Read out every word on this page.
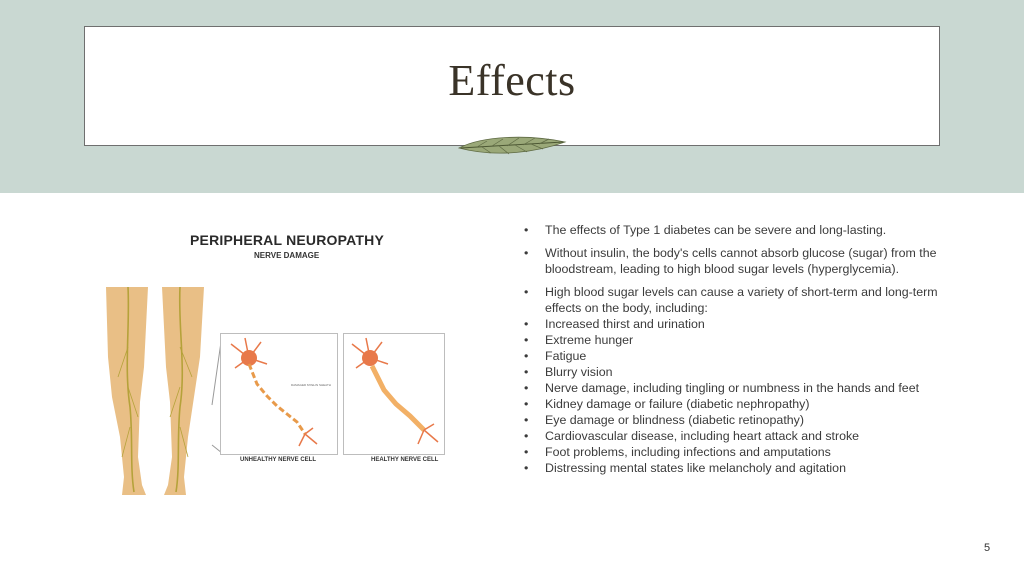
Effects
PERIPHERAL NEUROPATHY
NERVE DAMAGE
DAMAGED MYELIN SHEATH
UNHEALTHY NERVE CELL	HEALTHY NERVE CELL
• The effects of Type 1 diabetes can be severe and long-lasting.
• Without insulin, the body's cells cannot absorb glucose (sugar) from the bloodstream, leading to high blood sugar levels (hyperglycemia).
• High blood sugar levels can cause a variety of short-term and long-term effects on the body, including:
• Increased thirst and urination
• Extreme hunger
• Fatigue
• Blurry vision
• Nerve damage, including tingling or numbness in the hands and feet
• Kidney damage or failure (diabetic nephropathy)
• Eye damage or blindness (diabetic retinopathy)
• Cardiovascular disease, including heart attack and stroke
• Foot problems, including infections and amputations
• Distressing mental states like melancholy and agitation
5
